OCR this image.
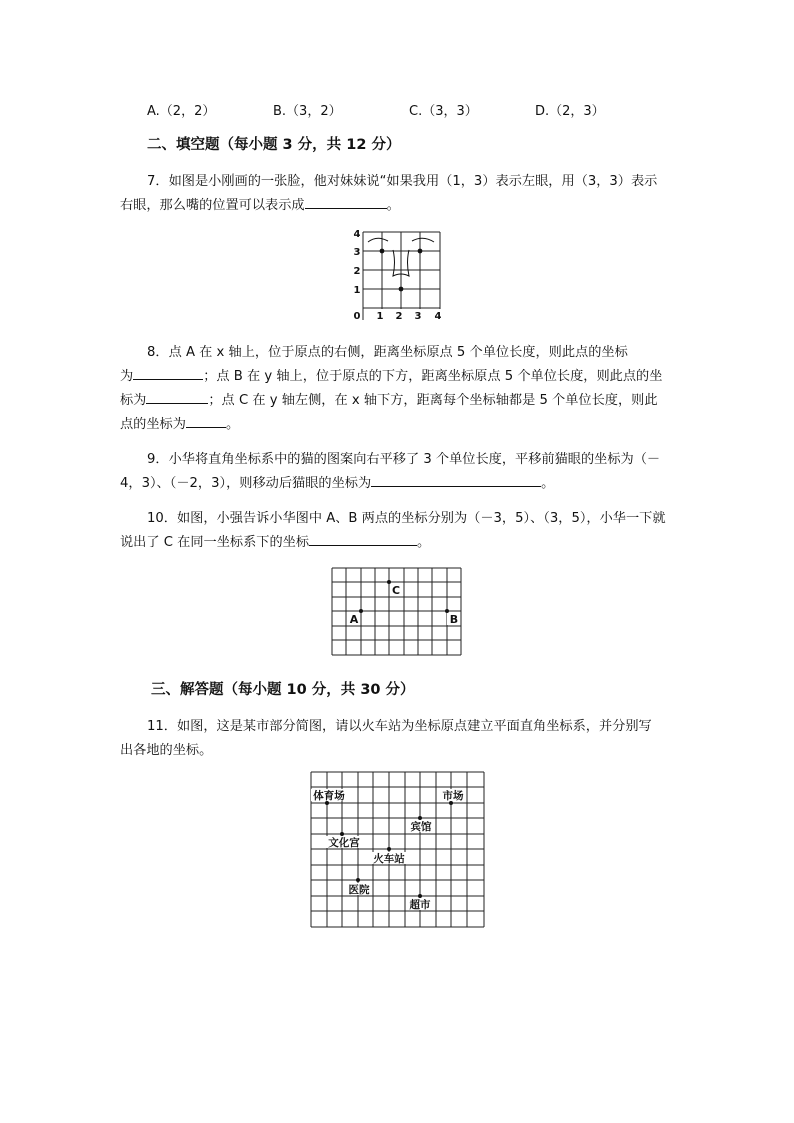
A.（2，2）	B.（3，2）	C.（3，3）	D.（2，3）
二、填空题（每小题 3 分，共 12 分）
7．如图是小刚画的一张脸，他对妹妹说“如果我用（1，3）表示左眼，用（3，3）表示
右眼，那么嘴的位置可以表示成	。
0 1 2 3 4
1
2
3
4
8．点 A 在 x 轴上，位于原点的右侧，距离坐标原点 5 个单位长度，则此点的坐标
为	；点 B 在 y 轴上，位于原点的下方，距离坐标原点 5 个单位长度，则此点的坐
标为	；点 C 在 y 轴左侧，在 x 轴下方，距离每个坐标轴都是 5 个单位长度，则此
点的坐标为	。
9．小华将直角坐标系中的猫的图案向右平移了 3 个单位长度，平移前猫眼的坐标为（－
4，3）、（－2，3），则移动后猫眼的坐标为	。
10．如图，小强告诉小华图中 A、B 两点的坐标分别为（－3，5）、（3，5），小华一下就
说出了 C 在同一坐标系下的坐标	。
C
A	B
三、解答题（每小题 10 分，共 30 分）
11．如图，这是某市部分简图，请以火车站为坐标原点建立平面直角坐标系，并分别写
出各地的坐标。
体育场	市场
宾馆
文化宫
火车站
医院
超市
